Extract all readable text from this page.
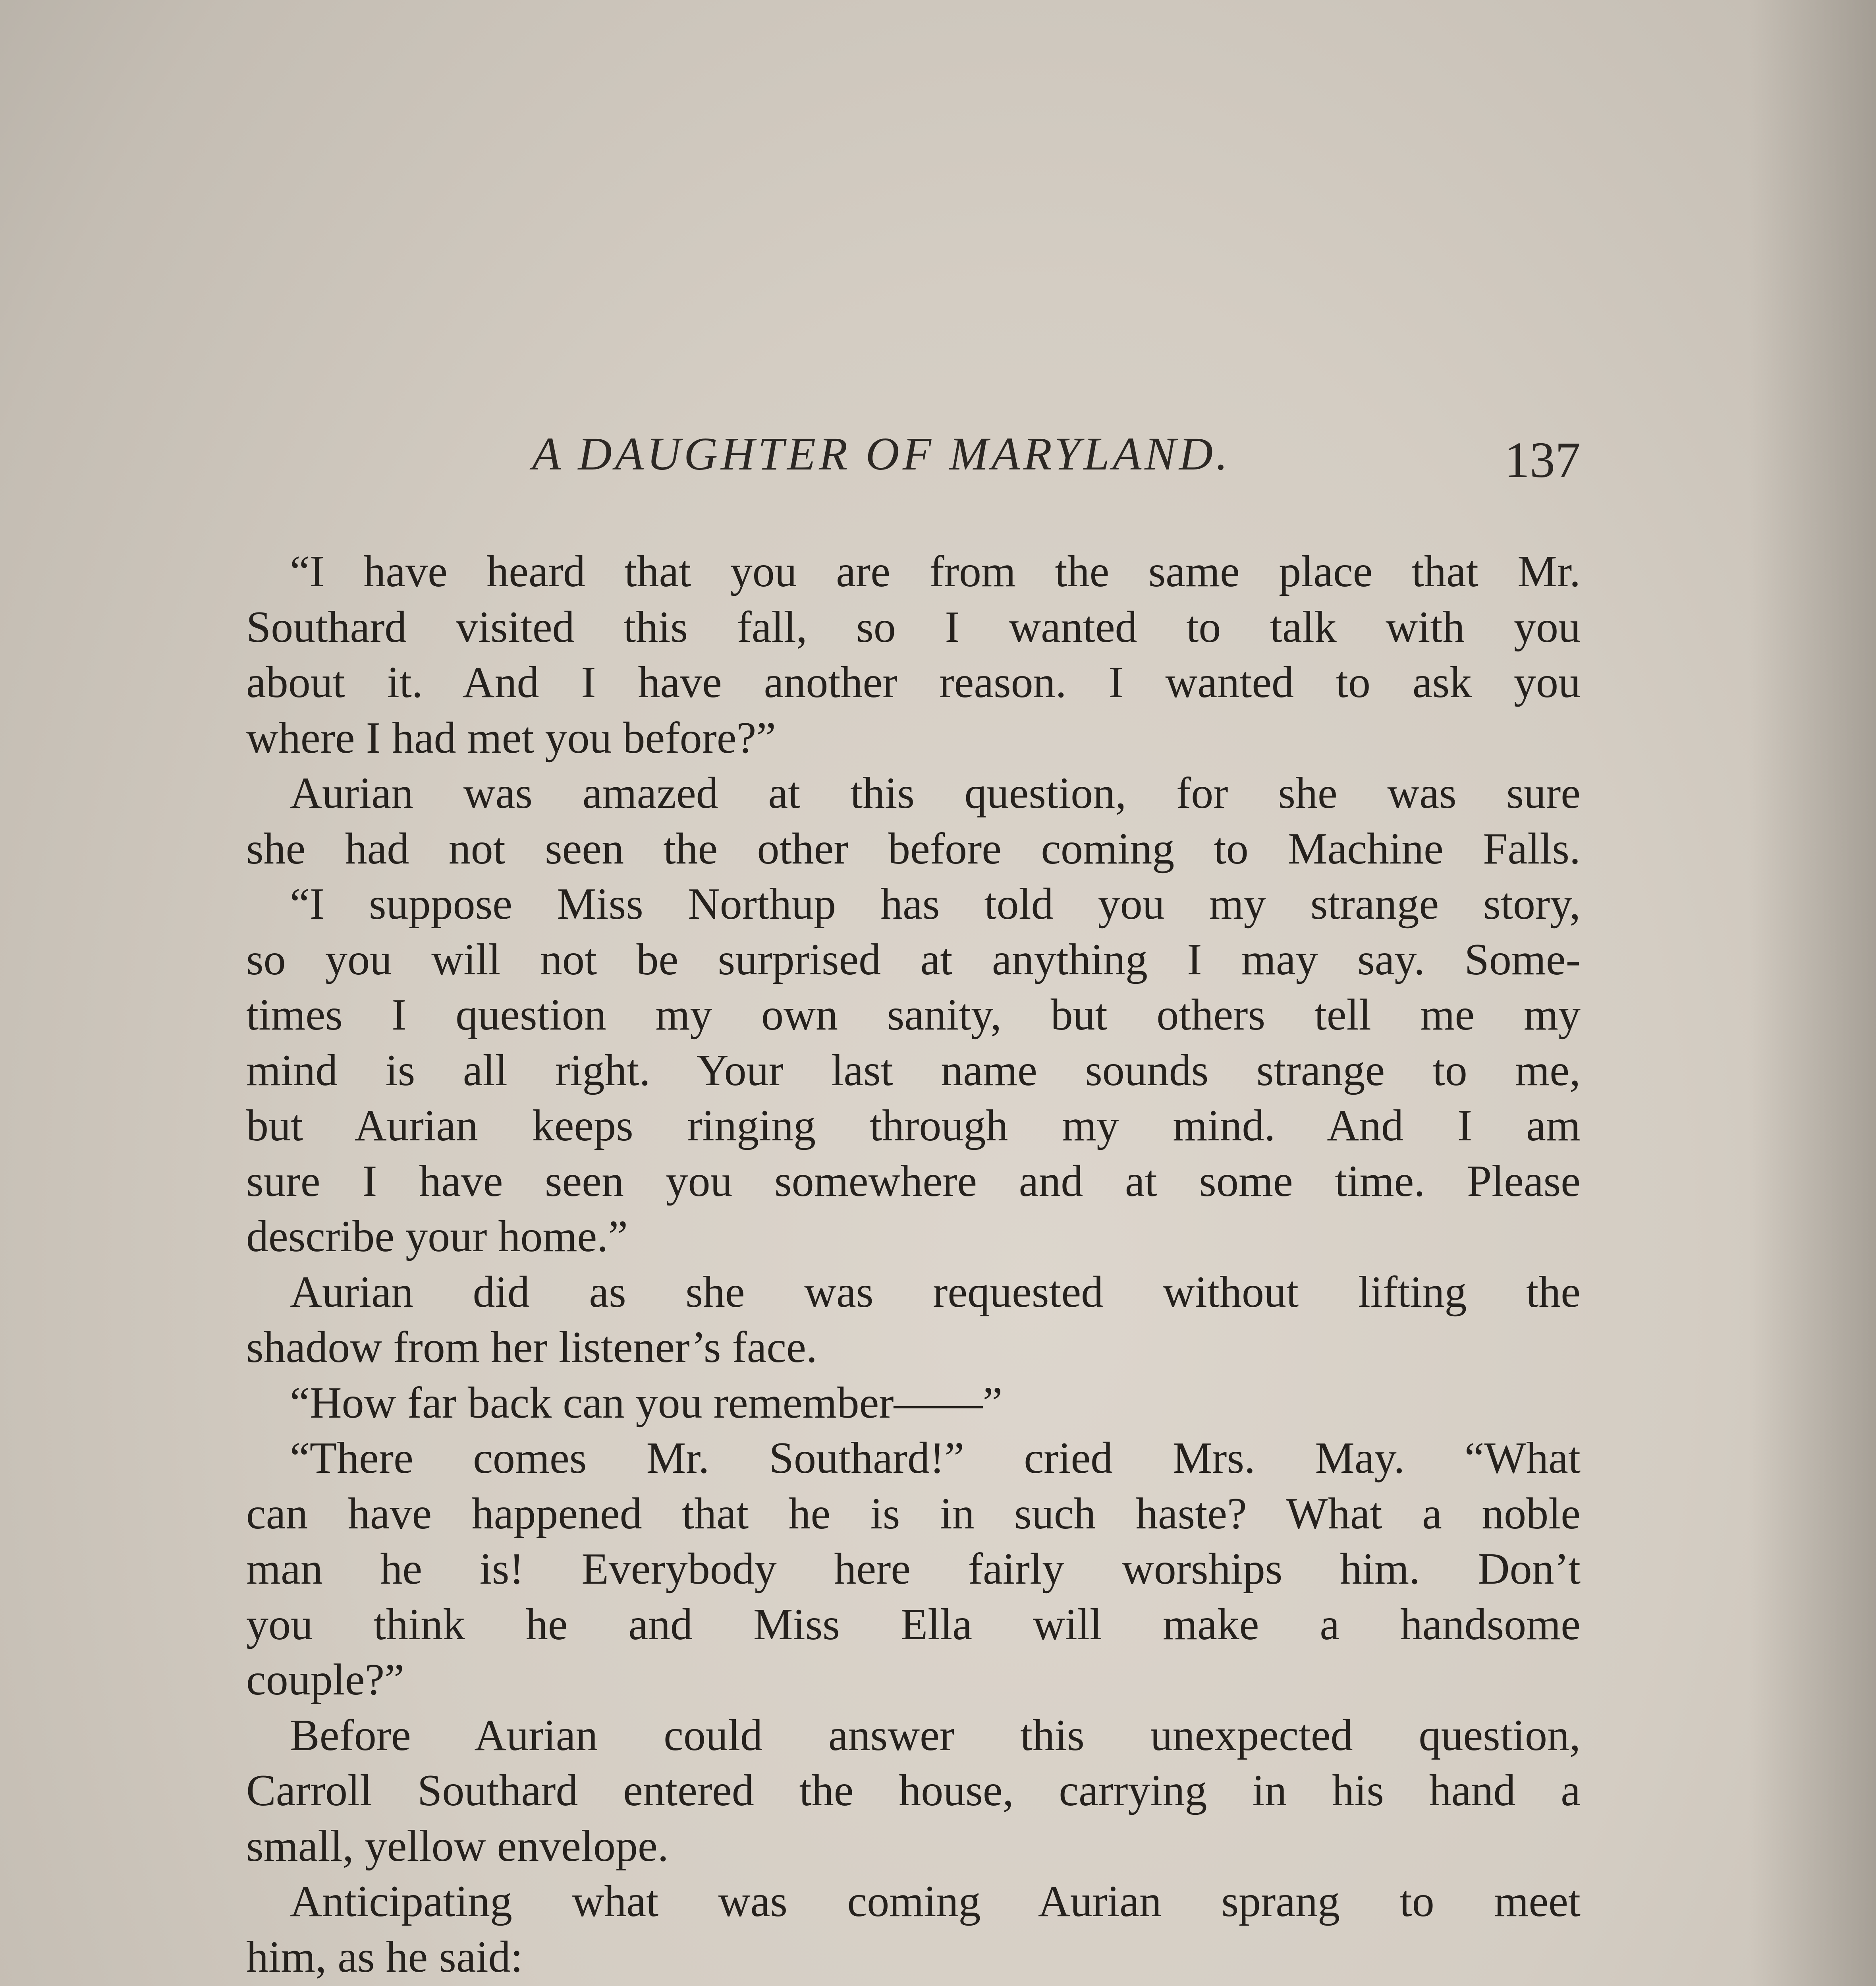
A DAUGHTER OF MARYLAND.	137
“I have heard that you are from the same place that Mr.
Southard visited this fall, so I wanted to talk with you
about it. And I have another reason. I wanted to ask you
where I had met you before?”
Aurian was amazed at this question, for she was sure
she had not seen the other before coming to Machine Falls.
“I suppose Miss Northup has told you my strange story,
so you will not be surprised at anything I may say. Some-
times I question my own sanity, but others tell me my
mind is all right. Your last name sounds strange to me,
but Aurian keeps ringing through my mind. And I am
sure I have seen you somewhere and at some time. Please
describe your home.”
Aurian did as she was requested without lifting the
shadow from her listener’s face.
“How far back can you remember——”
“There comes Mr. Southard!” cried Mrs. May. “What
can have happened that he is in such haste? What a noble
man he is! Everybody here fairly worships him. Don’t
you think he and Miss Ella will make a handsome
couple?”
Before Aurian could answer this unexpected question,
Carroll Southard entered the house, carrying in his hand a
small, yellow envelope.
Anticipating what was coming Aurian sprang to meet
him, as he said:
